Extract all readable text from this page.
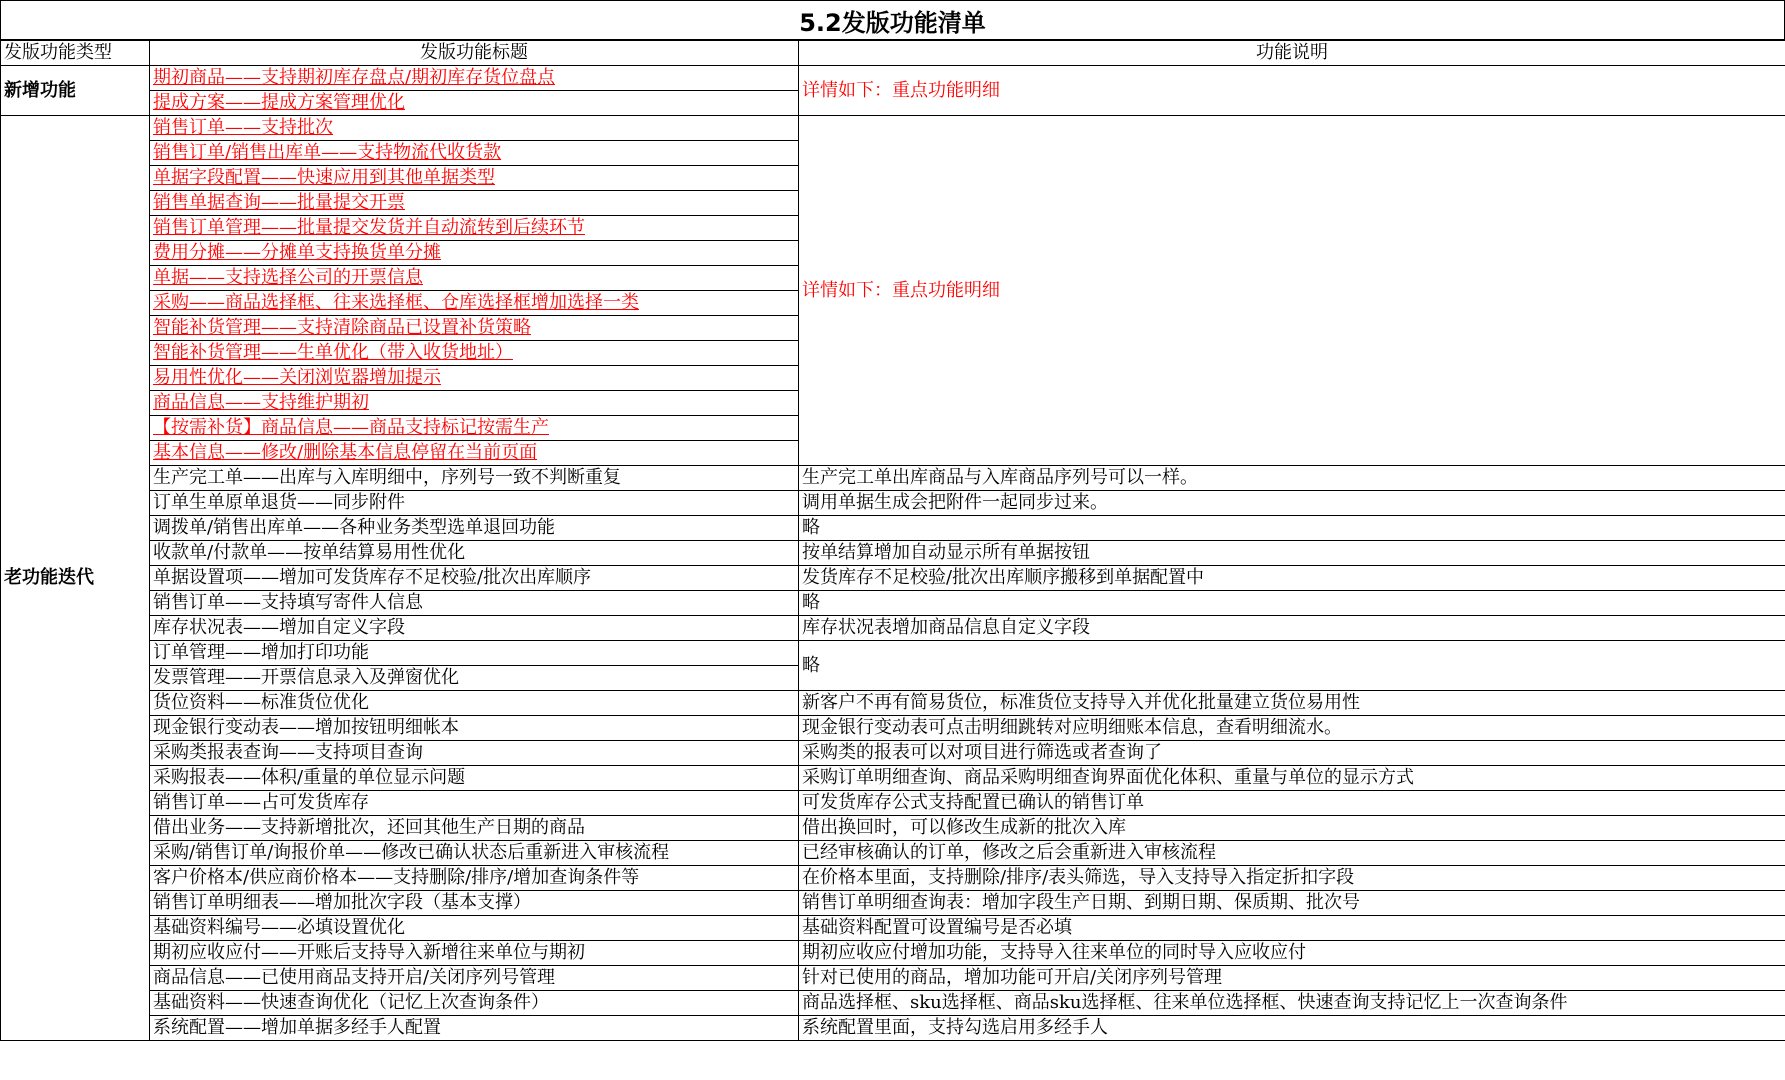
5.2发版功能清单
发版功能类型	发版功能标题	功能说明
新增功能	期初商品——支持期初库存盘点/期初库存货位盘点	详情如下：重点功能明细
	提成方案——提成方案管理优化	
老功能迭代	销售订单——支持批次	详情如下：重点功能明细
	销售订单/销售出库单——支持物流代收货款	
	单据字段配置——快速应用到其他单据类型	
	销售单据查询——批量提交开票	
	销售订单管理——批量提交发货并自动流转到后续环节	
	费用分摊——分摊单支持换货单分摊	
	单据——支持选择公司的开票信息	
	采购——商品选择框、往来选择框、仓库选择框增加选择一类	
	智能补货管理——支持清除商品已设置补货策略	
	智能补货管理——生单优化（带入收货地址）	
	易用性优化——关闭浏览器增加提示	
	商品信息——支持维护期初	
	【按需补货】商品信息——商品支持标记按需生产	
	基本信息——修改/删除基本信息停留在当前页面	
	生产完工单——出库与入库明细中，序列号一致不判断重复	生产完工单出库商品与入库商品序列号可以一样。
	订单生单原单退货——同步附件	调用单据生成会把附件一起同步过来。
	调拨单/销售出库单——各种业务类型选单退回功能	略
	收款单/付款单——按单结算易用性优化	按单结算增加自动显示所有单据按钮
	单据设置项——增加可发货库存不足校验/批次出库顺序	发货库存不足校验/批次出库顺序搬移到单据配置中
	销售订单——支持填写寄件人信息	略
	库存状况表——增加自定义字段	库存状况表增加商品信息自定义字段
	订单管理——增加打印功能	略
	发票管理——开票信息录入及弹窗优化	
	货位资料——标准货位优化	新客户不再有简易货位，标准货位支持导入并优化批量建立货位易用性
	现金银行变动表——增加按钮明细帐本	现金银行变动表可点击明细跳转对应明细账本信息，查看明细流水。
	采购类报表查询——支持项目查询	采购类的报表可以对项目进行筛选或者查询了
	采购报表——体积/重量的单位显示问题	采购订单明细查询、商品采购明细查询界面优化体积、重量与单位的显示方式
	销售订单——占可发货库存	可发货库存公式支持配置已确认的销售订单
	借出业务——支持新增批次，还回其他生产日期的商品	借出换回时，可以修改生成新的批次入库
	采购/销售订单/询报价单——修改已确认状态后重新进入审核流程	已经审核确认的订单，修改之后会重新进入审核流程
	客户价格本/供应商价格本——支持删除/排序/增加查询条件等	在价格本里面，支持删除/排序/表头筛选，导入支持导入指定折扣字段
	销售订单明细表——增加批次字段（基本支撑）	销售订单明细查询表：增加字段生产日期、到期日期、保质期、批次号
	基础资料编号——必填设置优化	基础资料配置可设置编号是否必填
	期初应收应付——开账后支持导入新增往来单位与期初	期初应收应付增加功能，支持导入往来单位的同时导入应收应付
	商品信息——已使用商品支持开启/关闭序列号管理	针对已使用的商品，增加功能可开启/关闭序列号管理
	基础资料——快速查询优化（记忆上次查询条件）	商品选择框、sku选择框、商品sku选择框、往来单位选择框、快速查询支持记忆上一次查询条件
	系统配置——增加单据多经手人配置	系统配置里面，支持勾选启用多经手人
